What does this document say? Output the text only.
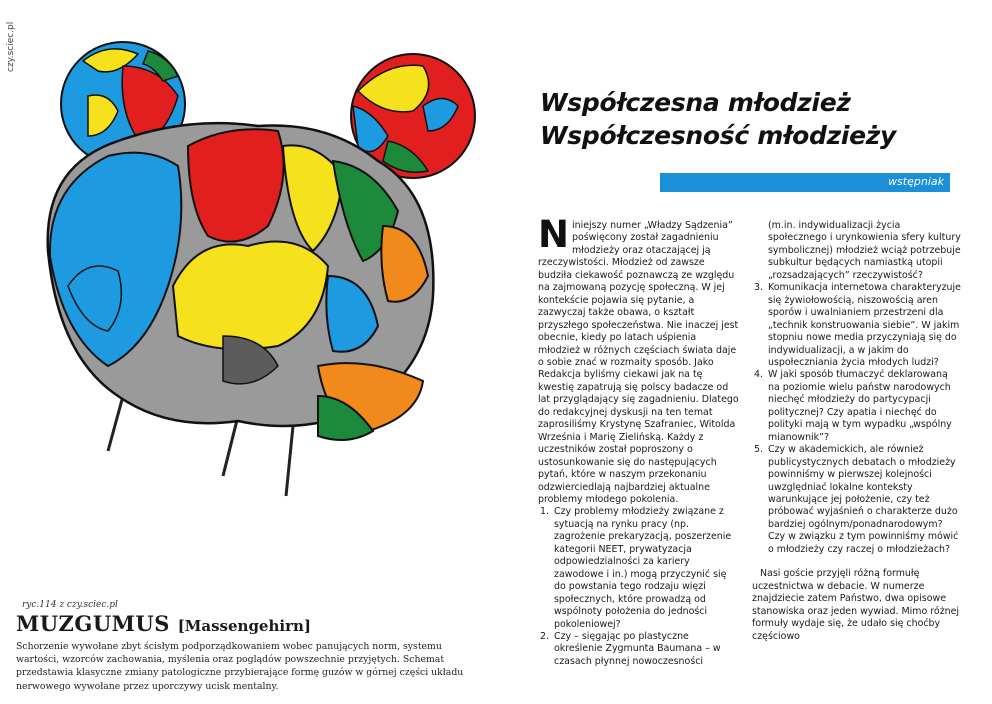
czy.sciec.pl

ryc.114 z czy.sciec.pl

MUZGUMUS [Massengehirn]

Schorzenie wywołane zbyt ścisłym podporządkowaniem wobec panujących norm, systemu wartości, wzorców zachowania, myślenia oraz poglądów powszechnie przyjętych. Schemat przedstawia klasyczne zmiany patologiczne przybierające formę guzów w górnej części układu nerwowego wywołane przez uporczywy ucisk mentalny.

Współczesna młodzież
Współczesność młodzieży
wstępniak

Niniejszy numer „Władzy Sądzenia” poświęcony został zagadnieniu młodzieży oraz otaczającej ją rzeczywistości. Młodzież od zawsze budziła ciekawość poznawczą ze względu na zajmowaną pozycję społeczną. W jej kontekście pojawia się pytanie, a zazwyczaj także obawa, o kształt przyszłego społeczeństwa. Nie inaczej jest obecnie, kiedy po latach uśpienia młodzież w różnych częściach świata daje o sobie znać w rozmaity sposób. Jako Redakcja byliśmy ciekawi jak na tę kwestię zapatrują się polscy badacze od lat przyglądający się zagadnieniu. Dlatego do redakcyjnej dyskusji na ten temat zaprosiliśmy Krystynę Szafraniec, Witolda Września i Marię Zielińską. Każdy z uczestników został poproszony o ustosunkowanie się do następujących pytań, które w naszym przekonaniu odzwierciedlają najbardziej aktualne problemy młodego pokolenia.

1. Czy problemy młodzieży związane z sytuacją na rynku pracy (np. zagrożenie prekaryzacją, poszerzenie kategorii NEET, prywatyzacja odpowiedzialności za kariery zawodowe i in.) mogą przyczynić się do powstania tego rodzaju więzi społecznych, które prowadzą od wspólnoty położenia do jedności pokoleniowej?
2. Czy – sięgając po plastyczne określenie Zygmunta Baumana – w czasach płynnej nowoczesności

(m.in. indywidualizacji życia społecznego i urynkowienia sfery kultury symbolicznej) młodzież wciąż potrzebuje subkultur będących namiastką utopii „rozsadzających” rzeczywistość?

3. Komunikacja internetowa charakteryzuje się żywiołowością, niszowością aren sporów i uwalnianiem przestrzeni dla „technik konstruowania siebie”. W jakim stopniu nowe media przyczyniają się do indywidualizacji, a w jakim do uspołeczniania życia młodych ludzi?
4. W jaki sposób tłumaczyć deklarowaną na poziomie wielu państw narodowych niechęć młodzieży do partycypacji politycznej? Czy apatia i niechęć do polityki mają w tym wypadku „wspólny mianownik”?
5. Czy w akademickich, ale również publicystycznych debatach o młodzieży powinniśmy w pierwszej kolejności uwzględniać lokalne konteksty warunkujące jej położenie, czy też próbować wyjaśnień o charakterze dużo bardziej ogólnym/ponadnarodowym? Czy w związku z tym powinniśmy mówić o młodzieży czy raczej o młodzieżach?

Nasi goście przyjęli różną formułę uczestnictwa w debacie. W numerze znajdziecie zatem Państwo, dwa opisowe stanowiska oraz jeden wywiad. Mimo różnej formuły wydaje się, że udało się choćby częściowo
